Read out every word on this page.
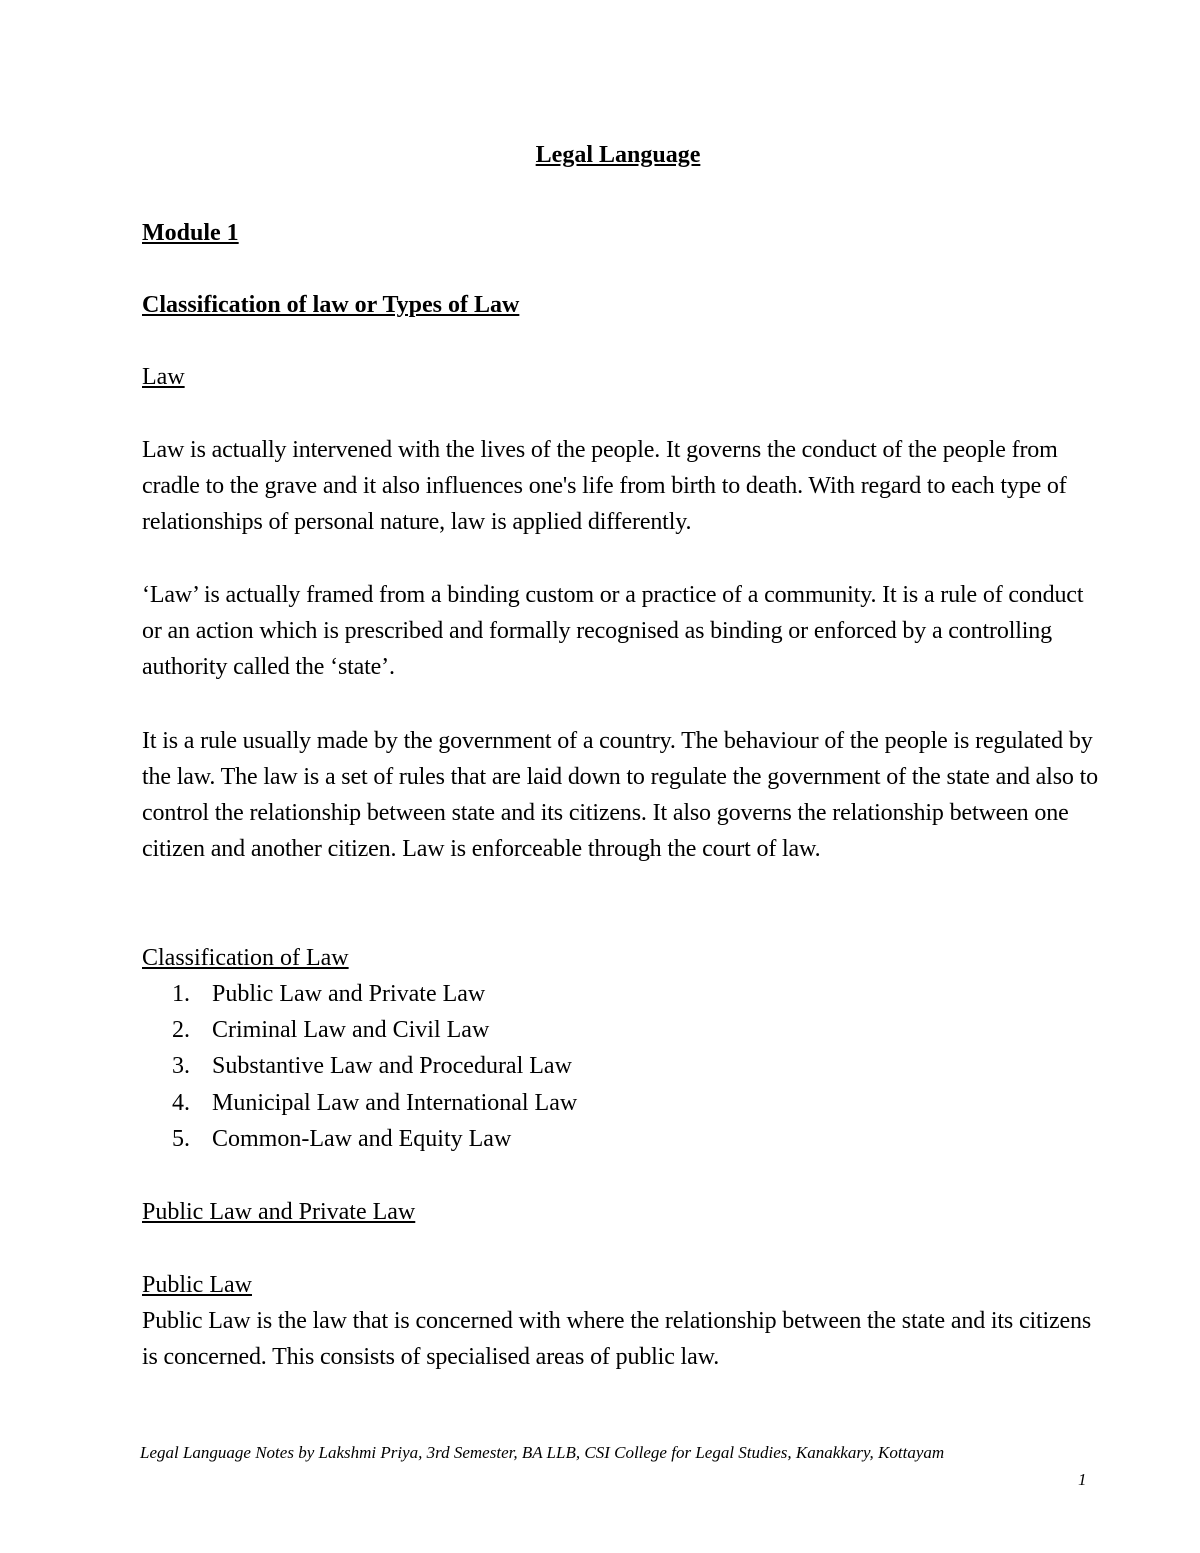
Legal Language

Module 1

Classification of law or Types of Law

Law

Law is actually intervened with the lives of the people. It governs the conduct of the people from cradle to the grave and it also influences one's life from birth to death. With regard to each type of relationships of personal nature, law is applied differently.

‘Law’ is actually framed from a binding custom or a practice of a community. It is a rule of conduct or an action which is prescribed and formally recognised as binding or enforced by a controlling authority called the ‘state’.

It is a rule usually made by the government of a country. The behaviour of the people is regulated by the law. The law is a set of rules that are laid down to regulate the government of the state and also to control the relationship between state and its citizens. It also governs the relationship between one citizen and another citizen. Law is enforceable through the court of law.

Classification of Law

1. Public Law and Private Law
2. Criminal Law and Civil Law
3. Substantive Law and Procedural Law
4. Municipal Law and International Law
5. Common-Law and Equity Law

Public Law and Private Law

Public Law

Public Law is the law that is concerned with where the relationship between the state and its citizens is concerned. This consists of specialised areas of public law.

Legal Language Notes by Lakshmi Priya, 3rd Semester, BA LLB, CSI College for Legal Studies, Kanakkary, Kottayam

1
